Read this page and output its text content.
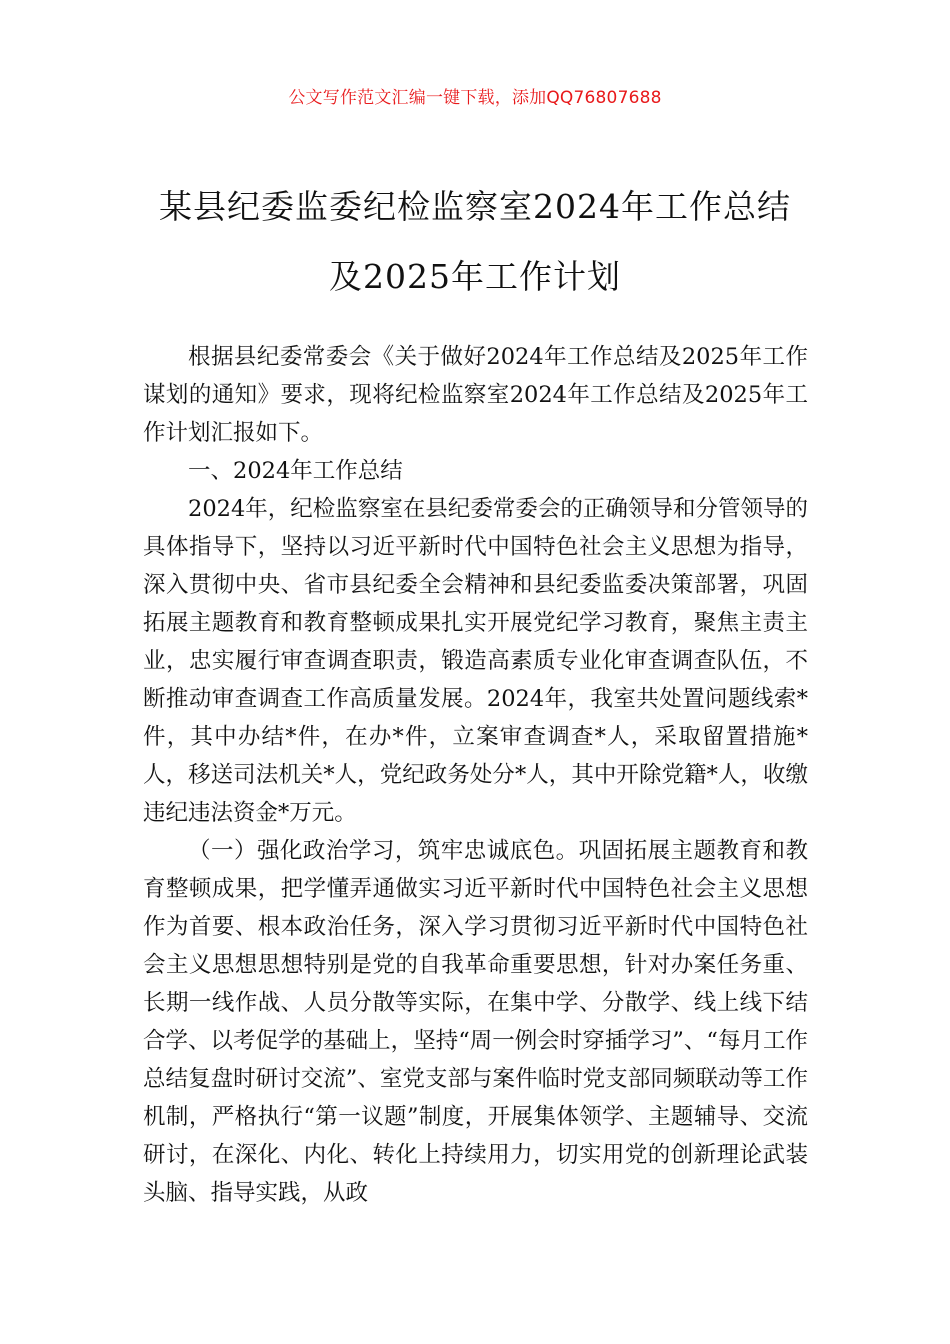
公文写作范文汇编一键下载，添加QQ76807688
某县纪委监委纪检监察室2024年工作总结
及2025年工作计划

根据县纪委常委会《关于做好2024年工作总结及2025年工作谋划的通知》要求，现将纪检监察室2024年工作总结及2025年工作计划汇报如下。

一、2024年工作总结

2024年，纪检监察室在县纪委常委会的正确领导和分管领导的具体指导下，坚持以习近平新时代中国特色社会主义思想为指导，深入贯彻中央、省市县纪委全会精神和县纪委监委决策部署，巩固拓展主题教育和教育整顿成果扎实开展党纪学习教育，聚焦主责主业，忠实履行审查调查职责，锻造高素质专业化审查调查队伍，不断推动审查调查工作高质量发展。2024年，我室共处置问题线索*件，其中办结*件，在办*件，立案审查调查*人，采取留置措施*人，移送司法机关*人，党纪政务处分*人，其中开除党籍*人，收缴违纪违法资金*万元。

（一）强化政治学习，筑牢忠诚底色。巩固拓展主题教育和教育整顿成果，把学懂弄通做实习近平新时代中国特色社会主义思想作为首要、根本政治任务，深入学习贯彻习近平新时代中国特色社会主义思想思想特别是党的自我革命重要思想，针对办案任务重、长期一线作战、人员分散等实际，在集中学、分散学、线上线下结合学、以考促学的基础上，坚持“周一例会时穿插学习”、“每月工作总结复盘时研讨交流”、室党支部与案件临时党支部同频联动等工作机制，严格执行“第一议题”制度，开展集体领学、主题辅导、交流研讨，在深化、内化、转化上持续用力，切实用党的创新理论武装头脑、指导实践，从政
